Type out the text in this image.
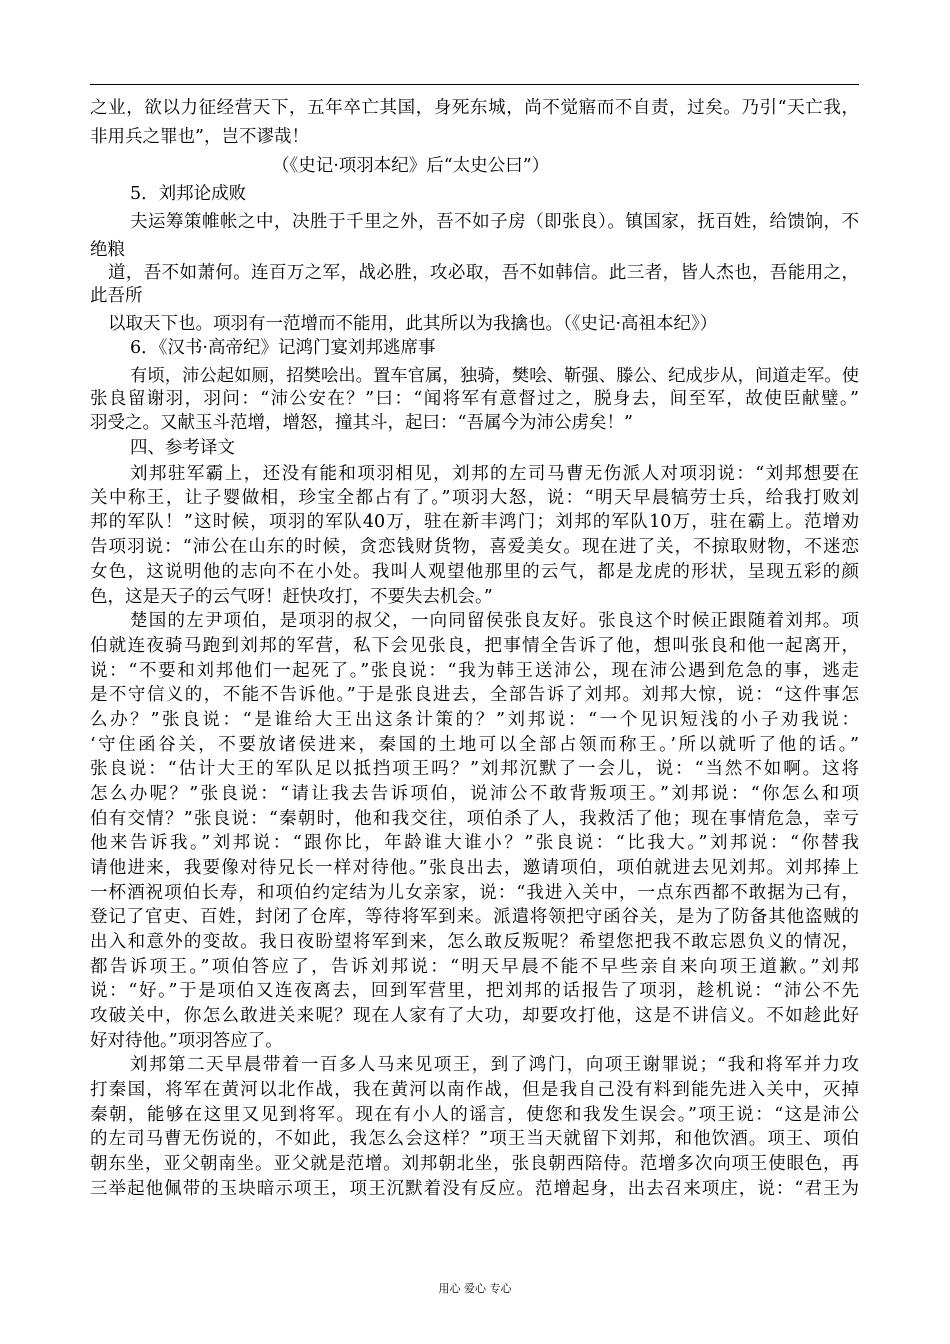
之业，欲以力征经营天下，五年卒亡其国，身死东城，尚不觉寤而不自责，过矣。乃引“天亡我，

非用兵之罪也”，岂不谬哉！

（《史记·项羽本纪》后“太史公曰”）

5．刘邦论成败

夫运筹策帷帐之中，决胜于千里之外，吾不如子房（即张良）。镇国家，抚百姓，给馈饷，不

绝粮

道，吾不如萧何。连百万之军，战必胜，攻必取，吾不如韩信。此三者，皆人杰也，吾能用之，

此吾所

以取天下也。项羽有一范增而不能用，此其所以为我擒也。（《史记·高祖本纪》）

6．《汉书·高帝纪》记鸿门宴刘邦逃席事

有顷，沛公起如厕，招樊哙出。置车官属，独骑，樊哙、靳强、滕公、纪成步从，间道走军。使

张良留谢羽，羽问：“沛公安在？”曰：“闻将军有意督过之，脱身去，间至军，故使臣献璧。”

羽受之。又献玉斗范增，增怒，撞其斗，起曰：“吾属今为沛公虏矣！”

四、参考译文

刘邦驻军霸上，还没有能和项羽相见，刘邦的左司马曹无伤派人对项羽说：“刘邦想要在

关中称王，让子婴做相，珍宝全都占有了。”项羽大怒，说：“明天早晨犒劳士兵，给我打败刘

邦的军队！”这时候，项羽的军队40万，驻在新丰鸿门；刘邦的军队10万，驻在霸上。范增劝

告项羽说：“沛公在山东的时候，贪恋钱财货物，喜爱美女。现在进了关，不掠取财物，不迷恋

女色，这说明他的志向不在小处。我叫人观望他那里的云气，都是龙虎的形状，呈现五彩的颜

色，这是天子的云气呀！赶快攻打，不要失去机会。”

楚国的左尹项伯，是项羽的叔父，一向同留侯张良友好。张良这个时候正跟随着刘邦。项

伯就连夜骑马跑到刘邦的军营，私下会见张良，把事情全告诉了他，想叫张良和他一起离开，

说：“不要和刘邦他们一起死了。”张良说：“我为韩王送沛公，现在沛公遇到危急的事，逃走

是不守信义的，不能不告诉他。”于是张良进去，全部告诉了刘邦。刘邦大惊，说：“这件事怎

么办？”张良说：“是谁给大王出这条计策的？”刘邦说：“一个见识短浅的小子劝我说：

‘守住函谷关，不要放诸侯进来，秦国的土地可以全部占领而称王。’所以就听了他的话。”

张良说：“估计大王的军队足以抵挡项王吗？”刘邦沉默了一会儿，说：“当然不如啊。这将

怎么办呢？”张良说：“请让我去告诉项伯，说沛公不敢背叛项王。”刘邦说：“你怎么和项

伯有交情？”张良说：“秦朝时，他和我交往，项伯杀了人，我救活了他；现在事情危急，幸亏

他来告诉我。”刘邦说：“跟你比，年龄谁大谁小？”张良说：“比我大。”刘邦说：“你替我

请他进来，我要像对待兄长一样对待他。”张良出去，邀请项伯，项伯就进去见刘邦。刘邦捧上

一杯酒祝项伯长寿，和项伯约定结为儿女亲家，说：“我进入关中，一点东西都不敢据为己有，

登记了官吏、百姓，封闭了仓库，等待将军到来。派遣将领把守函谷关，是为了防备其他盗贼的

出入和意外的变故。我日夜盼望将军到来，怎么敢反叛呢？希望您把我不敢忘恩负义的情况，

都告诉项王。”项伯答应了，告诉刘邦说：“明天早晨不能不早些亲自来向项王道歉。”刘邦

说：“好。”于是项伯又连夜离去，回到军营里，把刘邦的话报告了项羽，趁机说：“沛公不先

攻破关中，你怎么敢进关来呢？现在人家有了大功，却要攻打他，这是不讲信义。不如趁此好

好对待他。”项羽答应了。

刘邦第二天早晨带着一百多人马来见项王，到了鸿门，向项王谢罪说；“我和将军并力攻

打秦国，将军在黄河以北作战，我在黄河以南作战，但是我自己没有料到能先进入关中，灭掉

秦朝，能够在这里又见到将军。现在有小人的谣言，使您和我发生误会。”项王说：“这是沛公

的左司马曹无伤说的，不如此，我怎么会这样？”项王当天就留下刘邦，和他饮酒。项王、项伯

朝东坐，亚父朝南坐。亚父就是范增。刘邦朝北坐，张良朝西陪侍。范增多次向项王使眼色，再

三举起他佩带的玉块暗示项王，项王沉默着没有反应。范增起身，出去召来项庄，说：“君王为

用心 爱心 专心
